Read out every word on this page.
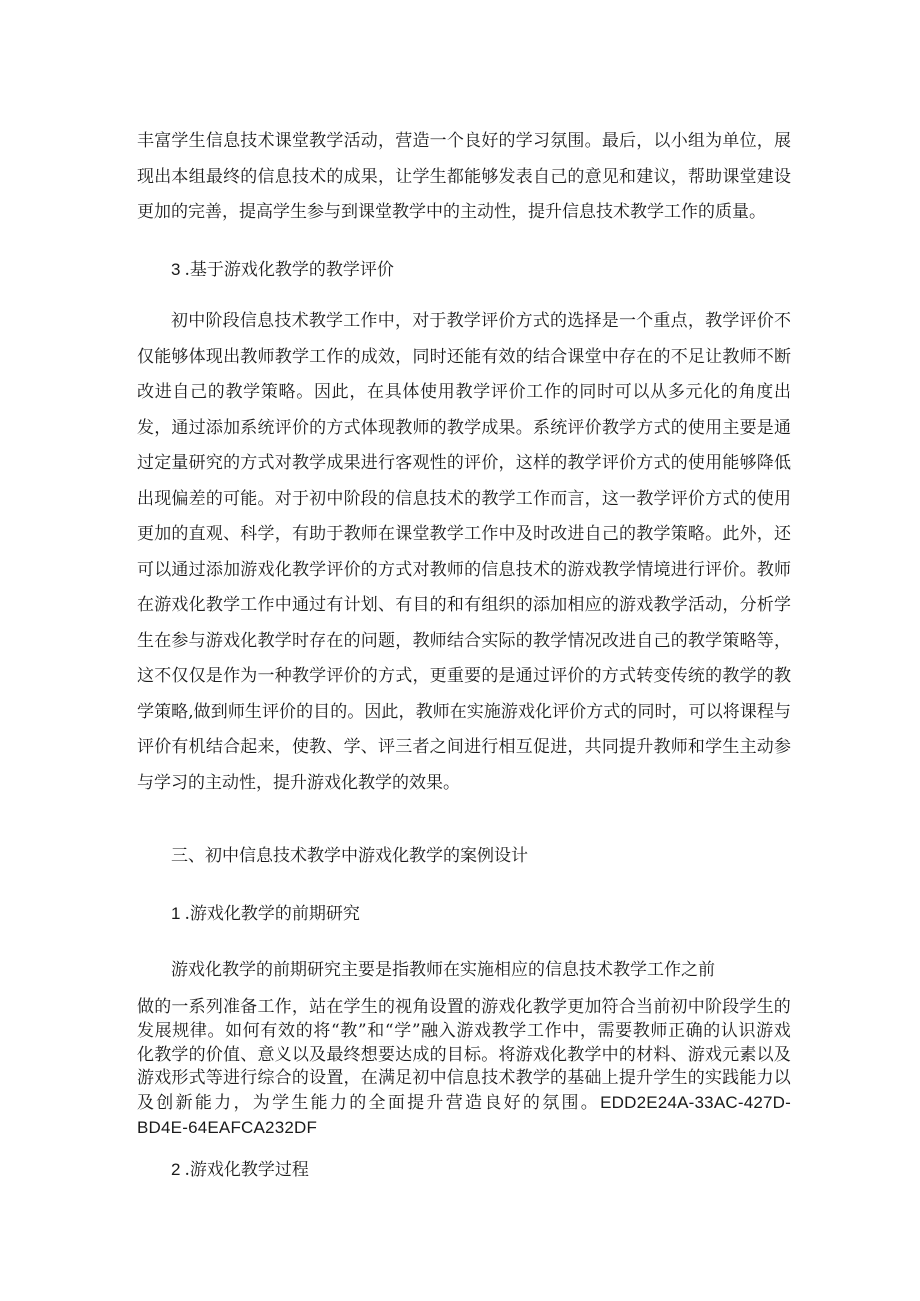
丰富学生信息技术课堂教学活动，营造一个良好的学习氛围。最后，以小组为单位，展现出本组最终的信息技术的成果，让学生都能够发表自己的意见和建议，帮助课堂建设更加的完善，提高学生参与到课堂教学中的主动性，提升信息技术教学工作的质量。

3 .基于游戏化教学的教学评价

初中阶段信息技术教学工作中，对于教学评价方式的选择是一个重点，教学评价不仅能够体现出教师教学工作的成效，同时还能有效的结合课堂中存在的不足让教师不断改进自己的教学策略。因此，在具体使用教学评价工作的同时可以从多元化的角度出发，通过添加系统评价的方式体现教师的教学成果。系统评价教学方式的使用主要是通过定量研究的方式对教学成果进行客观性的评价，这样的教学评价方式的使用能够降低出现偏差的可能。对于初中阶段的信息技术的教学工作而言，这一教学评价方式的使用更加的直观、科学，有助于教师在课堂教学工作中及时改进自己的教学策略。此外，还可以通过添加游戏化教学评价的方式对教师的信息技术的游戏教学情境进行评价。教师在游戏化教学工作中通过有计划、有目的和有组织的添加相应的游戏教学活动，分析学生在参与游戏化教学时存在的问题，教师结合实际的教学情况改进自己的教学策略等，这不仅仅是作为一种教学评价的方式，更重要的是通过评价的方式转变传统的教学的教学策略,做到师生评价的目的。因此，教师在实施游戏化评价方式的同时，可以将课程与评价有机结合起来，使教、学、评三者之间进行相互促进，共同提升教师和学生主动参与学习的主动性，提升游戏化教学的效果。

三、初中信息技术教学中游戏化教学的案例设计

1 .游戏化教学的前期研究

游戏化教学的前期研究主要是指教师在实施相应的信息技术教学工作之前

做的一系列准备工作，站在学生的视角设置的游戏化教学更加符合当前初中阶段学生的发展规律。如何有效的将“教”和“学”融入游戏教学工作中，需要教师正确的认识游戏化教学的价值、意义以及最终想要达成的目标。将游戏化教学中的材料、游戏元素以及游戏形式等进行综合的设置，在满足初中信息技术教学的基础上提升学生的实践能力以及创新能力，为学生能力的全面提升营造良好的氛围。EDD2E24A-33AC-427D-BD4E-64EAFCA232DF

2 .游戏化教学过程
